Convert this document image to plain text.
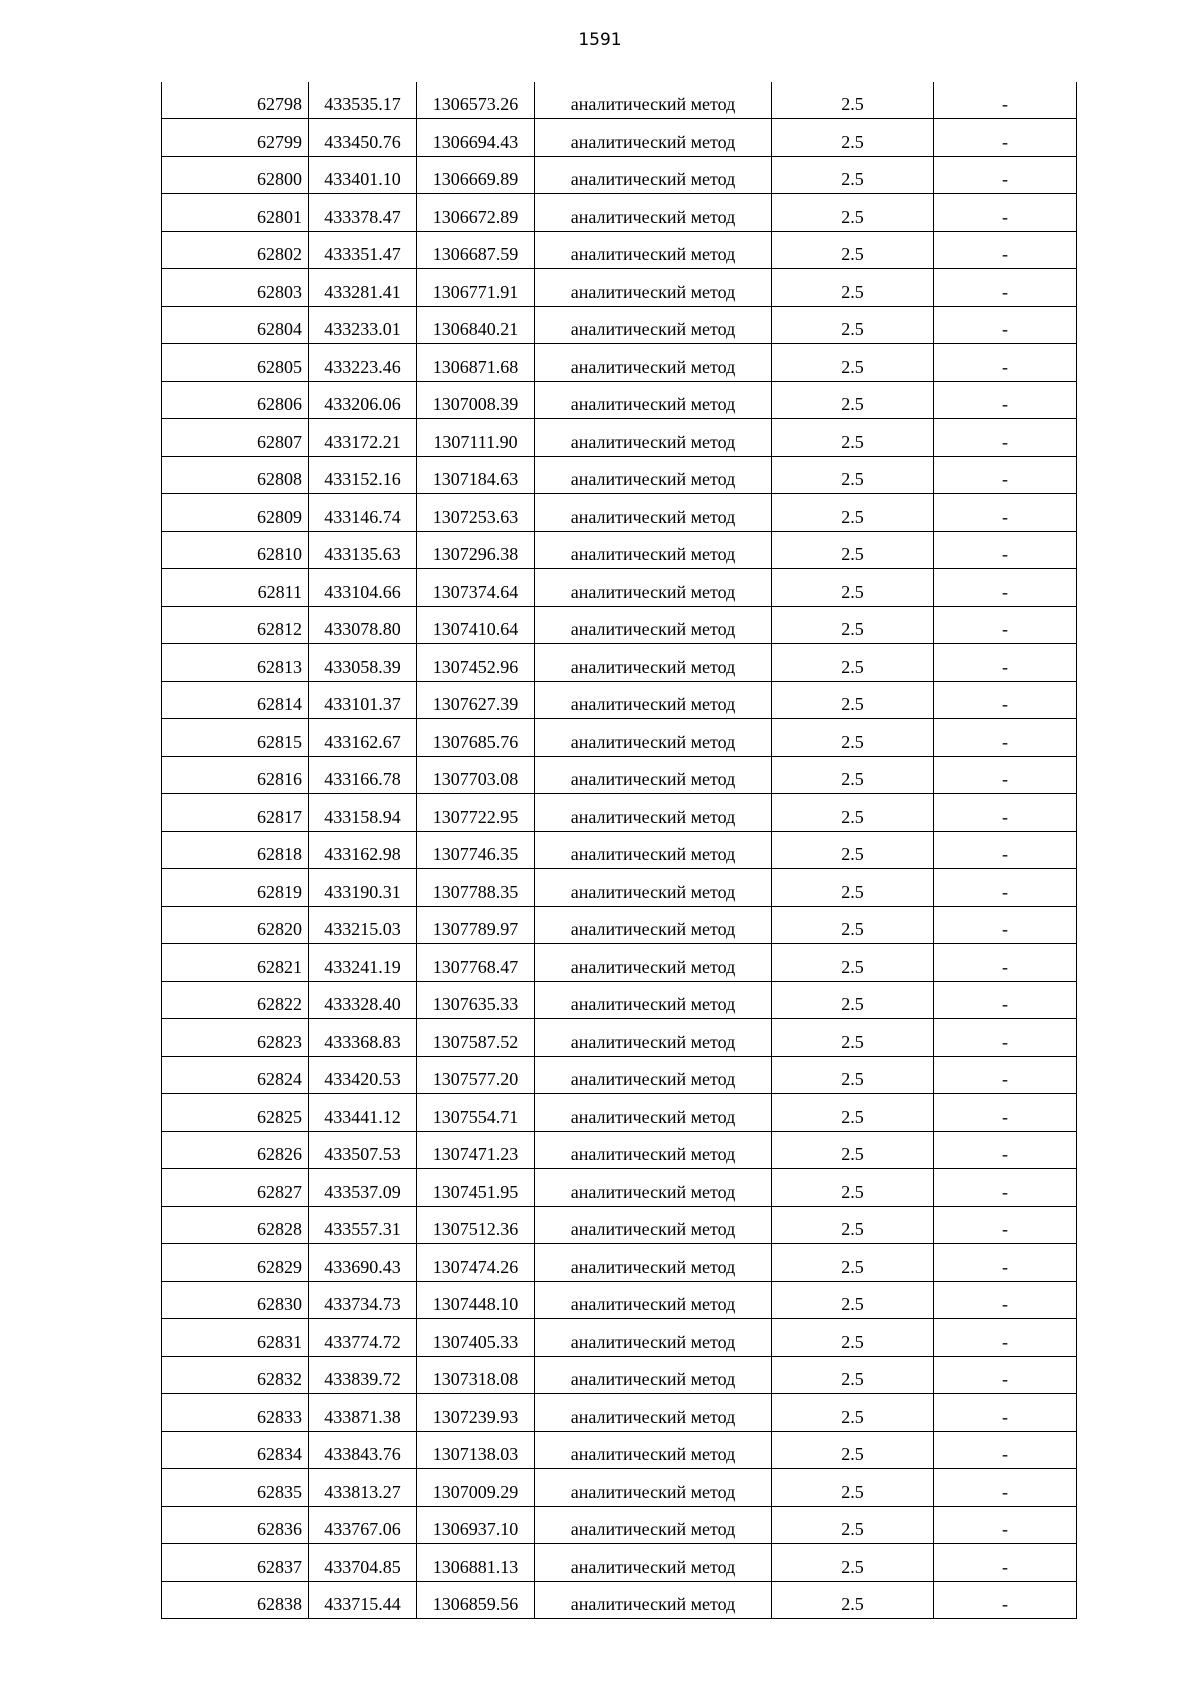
1591
62798	433535.17	1306573.26	аналитический метод	2.5	-
62799	433450.76	1306694.43	аналитический метод	2.5	-
62800	433401.10	1306669.89	аналитический метод	2.5	-
62801	433378.47	1306672.89	аналитический метод	2.5	-
62802	433351.47	1306687.59	аналитический метод	2.5	-
62803	433281.41	1306771.91	аналитический метод	2.5	-
62804	433233.01	1306840.21	аналитический метод	2.5	-
62805	433223.46	1306871.68	аналитический метод	2.5	-
62806	433206.06	1307008.39	аналитический метод	2.5	-
62807	433172.21	1307111.90	аналитический метод	2.5	-
62808	433152.16	1307184.63	аналитический метод	2.5	-
62809	433146.74	1307253.63	аналитический метод	2.5	-
62810	433135.63	1307296.38	аналитический метод	2.5	-
62811	433104.66	1307374.64	аналитический метод	2.5	-
62812	433078.80	1307410.64	аналитический метод	2.5	-
62813	433058.39	1307452.96	аналитический метод	2.5	-
62814	433101.37	1307627.39	аналитический метод	2.5	-
62815	433162.67	1307685.76	аналитический метод	2.5	-
62816	433166.78	1307703.08	аналитический метод	2.5	-
62817	433158.94	1307722.95	аналитический метод	2.5	-
62818	433162.98	1307746.35	аналитический метод	2.5	-
62819	433190.31	1307788.35	аналитический метод	2.5	-
62820	433215.03	1307789.97	аналитический метод	2.5	-
62821	433241.19	1307768.47	аналитический метод	2.5	-
62822	433328.40	1307635.33	аналитический метод	2.5	-
62823	433368.83	1307587.52	аналитический метод	2.5	-
62824	433420.53	1307577.20	аналитический метод	2.5	-
62825	433441.12	1307554.71	аналитический метод	2.5	-
62826	433507.53	1307471.23	аналитический метод	2.5	-
62827	433537.09	1307451.95	аналитический метод	2.5	-
62828	433557.31	1307512.36	аналитический метод	2.5	-
62829	433690.43	1307474.26	аналитический метод	2.5	-
62830	433734.73	1307448.10	аналитический метод	2.5	-
62831	433774.72	1307405.33	аналитический метод	2.5	-
62832	433839.72	1307318.08	аналитический метод	2.5	-
62833	433871.38	1307239.93	аналитический метод	2.5	-
62834	433843.76	1307138.03	аналитический метод	2.5	-
62835	433813.27	1307009.29	аналитический метод	2.5	-
62836	433767.06	1306937.10	аналитический метод	2.5	-
62837	433704.85	1306881.13	аналитический метод	2.5	-
62838	433715.44	1306859.56	аналитический метод	2.5	-
